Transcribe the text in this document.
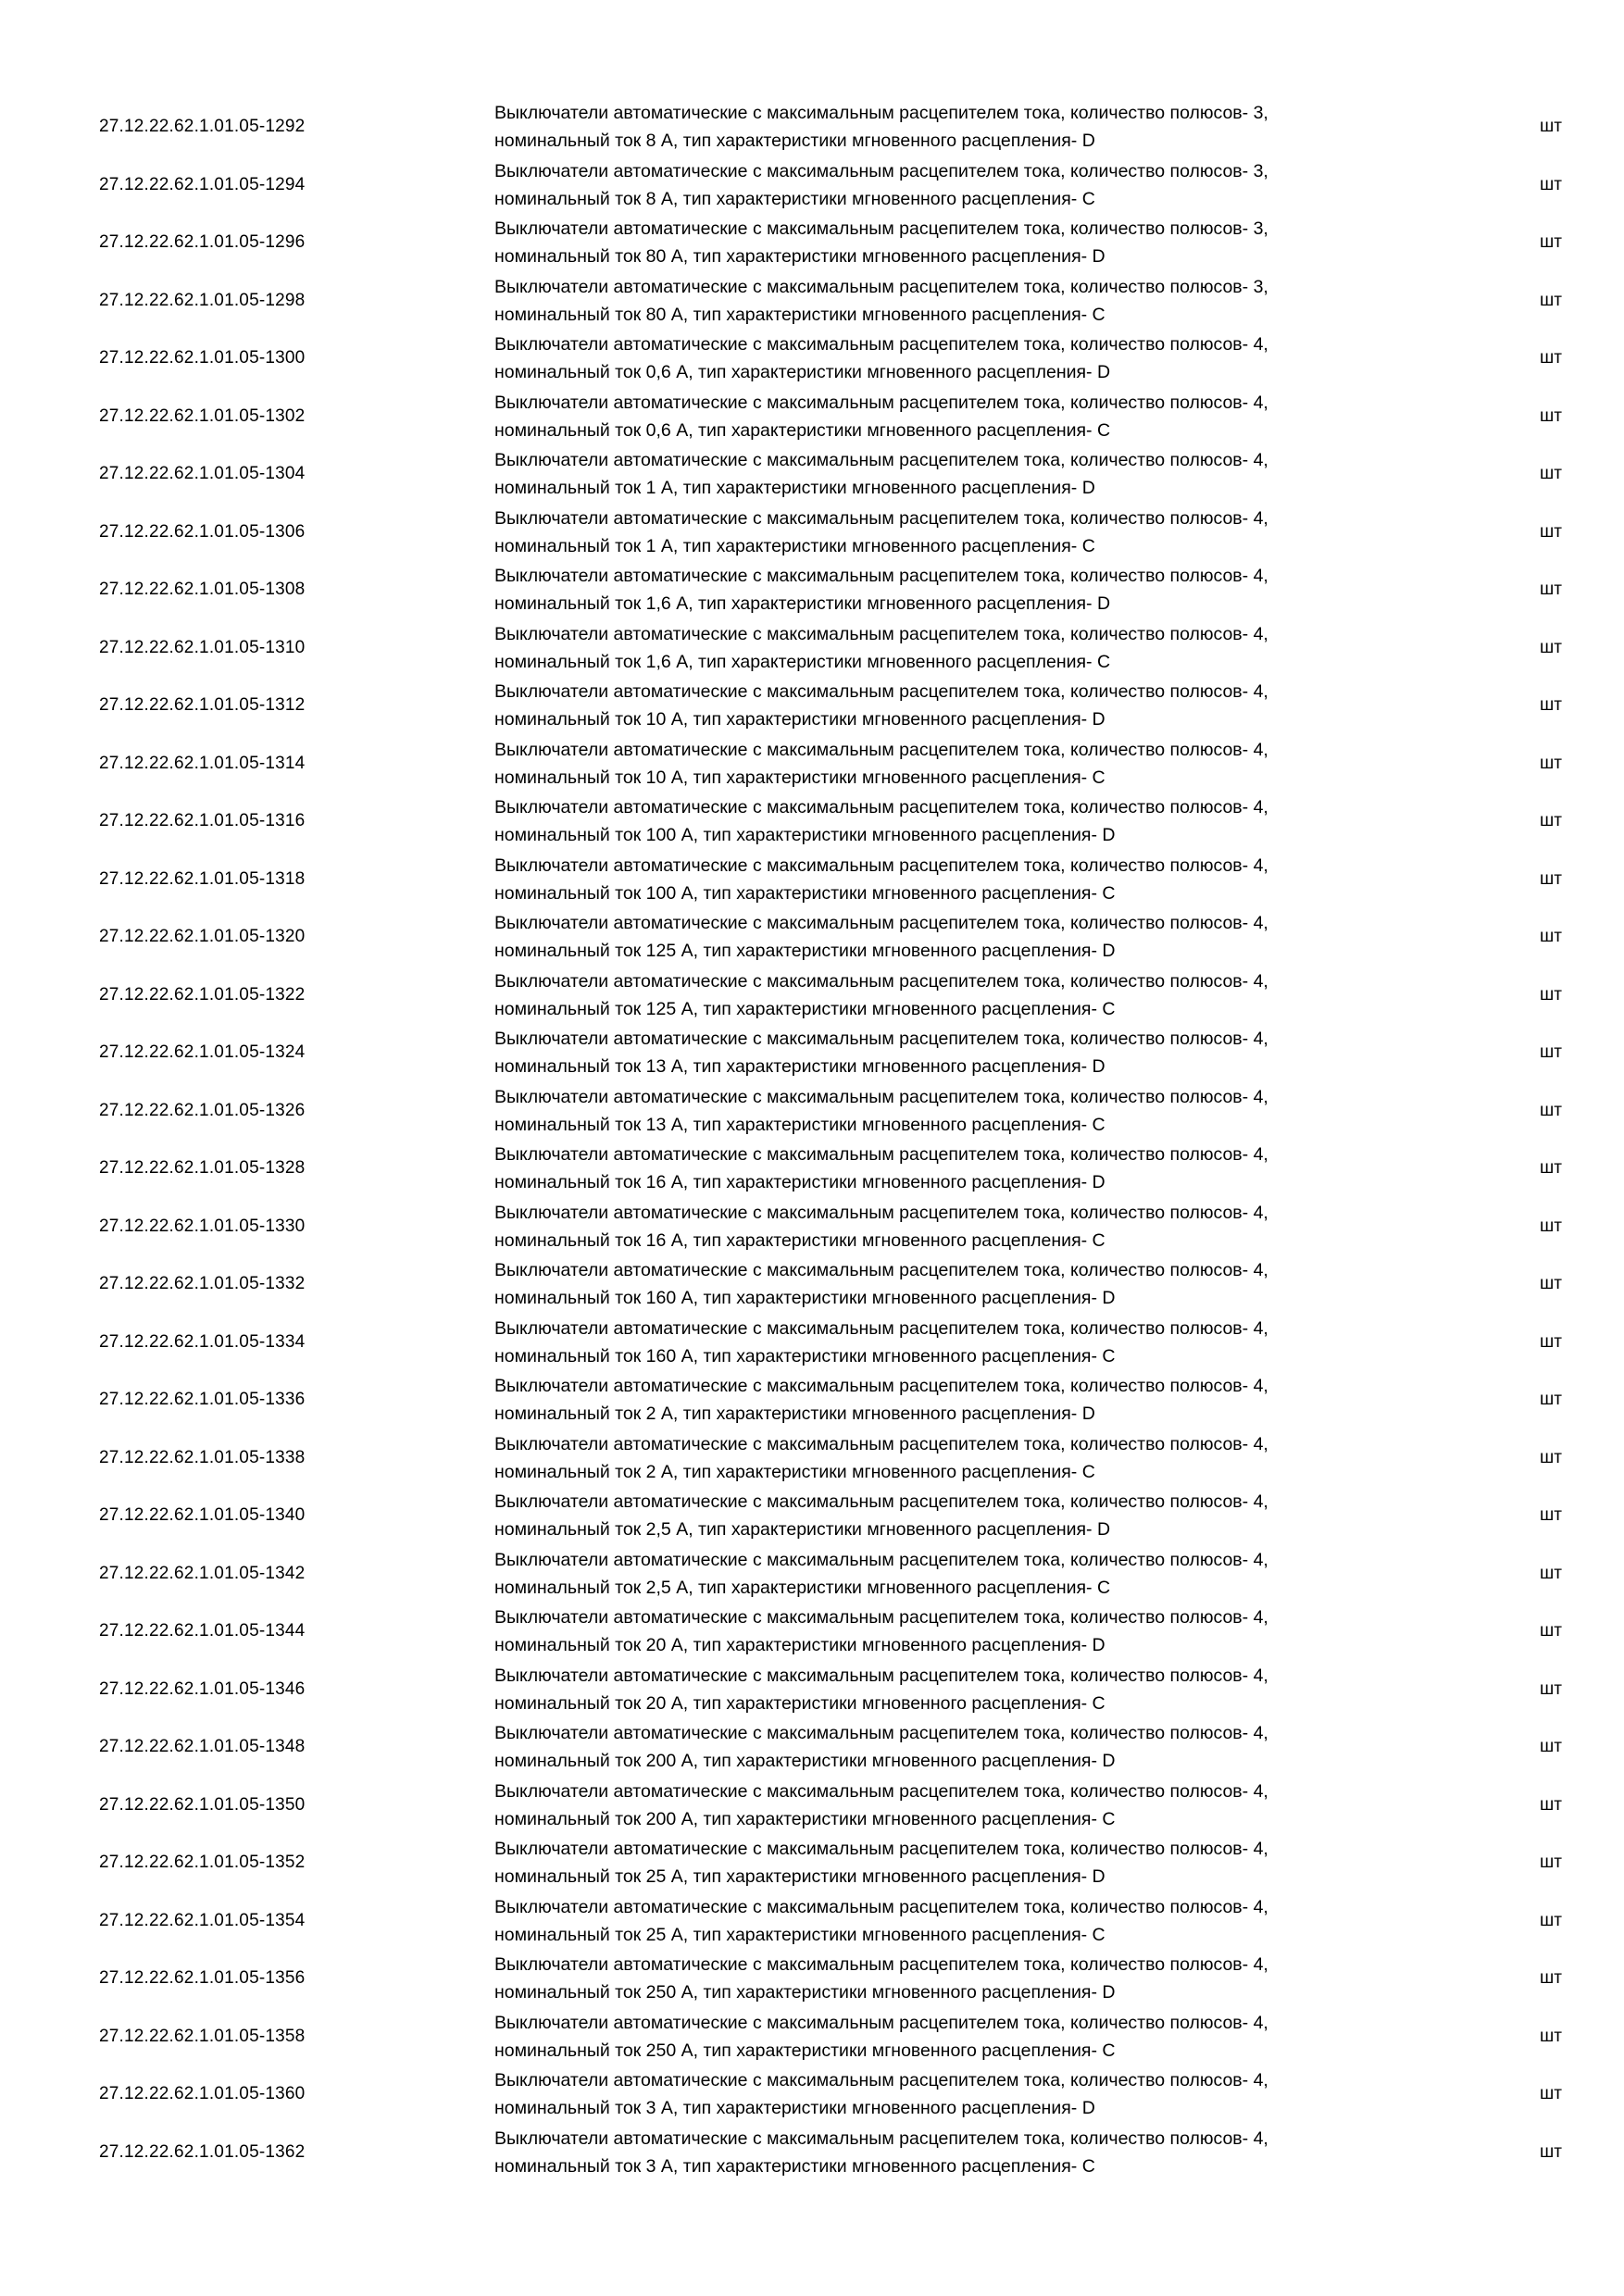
27.12.22.62.1.01.05-1292
Выключатели автоматические с максимальным расцепителем тока, количество полюсов- 3,
номинальный ток 8 А, тип характеристики мгновенного расцепления- D
шт
27.12.22.62.1.01.05-1294
Выключатели автоматические с максимальным расцепителем тока, количество полюсов- 3,
номинальный ток 8 А, тип характеристики мгновенного расцепления- С
шт
27.12.22.62.1.01.05-1296
Выключатели автоматические с максимальным расцепителем тока, количество полюсов- 3,
номинальный ток 80 А, тип характеристики мгновенного расцепления- D
шт
27.12.22.62.1.01.05-1298
Выключатели автоматические с максимальным расцепителем тока, количество полюсов- 3,
номинальный ток 80 А, тип характеристики мгновенного расцепления- С
шт
27.12.22.62.1.01.05-1300
Выключатели автоматические с максимальным расцепителем тока, количество полюсов- 4,
номинальный ток 0,6 А, тип характеристики мгновенного расцепления- D
шт
27.12.22.62.1.01.05-1302
Выключатели автоматические с максимальным расцепителем тока, количество полюсов- 4,
номинальный ток 0,6 А, тип характеристики мгновенного расцепления- С
шт
27.12.22.62.1.01.05-1304
Выключатели автоматические с максимальным расцепителем тока, количество полюсов- 4,
номинальный ток 1 А, тип характеристики мгновенного расцепления- D
шт
27.12.22.62.1.01.05-1306
Выключатели автоматические с максимальным расцепителем тока, количество полюсов- 4,
номинальный ток 1 А, тип характеристики мгновенного расцепления- С
шт
27.12.22.62.1.01.05-1308
Выключатели автоматические с максимальным расцепителем тока, количество полюсов- 4,
номинальный ток 1,6 А, тип характеристики мгновенного расцепления- D
шт
27.12.22.62.1.01.05-1310
Выключатели автоматические с максимальным расцепителем тока, количество полюсов- 4,
номинальный ток 1,6 А, тип характеристики мгновенного расцепления- С
шт
27.12.22.62.1.01.05-1312
Выключатели автоматические с максимальным расцепителем тока, количество полюсов- 4,
номинальный ток 10 А, тип характеристики мгновенного расцепления- D
шт
27.12.22.62.1.01.05-1314
Выключатели автоматические с максимальным расцепителем тока, количество полюсов- 4,
номинальный ток 10 А, тип характеристики мгновенного расцепления- С
шт
27.12.22.62.1.01.05-1316
Выключатели автоматические с максимальным расцепителем тока, количество полюсов- 4,
номинальный ток 100 А, тип характеристики мгновенного расцепления- D
шт
27.12.22.62.1.01.05-1318
Выключатели автоматические с максимальным расцепителем тока, количество полюсов- 4,
номинальный ток 100 А, тип характеристики мгновенного расцепления- С
шт
27.12.22.62.1.01.05-1320
Выключатели автоматические с максимальным расцепителем тока, количество полюсов- 4,
номинальный ток 125 А, тип характеристики мгновенного расцепления- D
шт
27.12.22.62.1.01.05-1322
Выключатели автоматические с максимальным расцепителем тока, количество полюсов- 4,
номинальный ток 125 А, тип характеристики мгновенного расцепления- С
шт
27.12.22.62.1.01.05-1324
Выключатели автоматические с максимальным расцепителем тока, количество полюсов- 4,
номинальный ток 13 А, тип характеристики мгновенного расцепления- D
шт
27.12.22.62.1.01.05-1326
Выключатели автоматические с максимальным расцепителем тока, количество полюсов- 4,
номинальный ток 13 А, тип характеристики мгновенного расцепления- С
шт
27.12.22.62.1.01.05-1328
Выключатели автоматические с максимальным расцепителем тока, количество полюсов- 4,
номинальный ток 16 А, тип характеристики мгновенного расцепления- D
шт
27.12.22.62.1.01.05-1330
Выключатели автоматические с максимальным расцепителем тока, количество полюсов- 4,
номинальный ток 16 А, тип характеристики мгновенного расцепления- С
шт
27.12.22.62.1.01.05-1332
Выключатели автоматические с максимальным расцепителем тока, количество полюсов- 4,
номинальный ток 160 А, тип характеристики мгновенного расцепления- D
шт
27.12.22.62.1.01.05-1334
Выключатели автоматические с максимальным расцепителем тока, количество полюсов- 4,
номинальный ток 160 А, тип характеристики мгновенного расцепления- С
шт
27.12.22.62.1.01.05-1336
Выключатели автоматические с максимальным расцепителем тока, количество полюсов- 4,
номинальный ток 2 А, тип характеристики мгновенного расцепления- D
шт
27.12.22.62.1.01.05-1338
Выключатели автоматические с максимальным расцепителем тока, количество полюсов- 4,
номинальный ток 2 А, тип характеристики мгновенного расцепления- С
шт
27.12.22.62.1.01.05-1340
Выключатели автоматические с максимальным расцепителем тока, количество полюсов- 4,
номинальный ток 2,5 А, тип характеристики мгновенного расцепления- D
шт
27.12.22.62.1.01.05-1342
Выключатели автоматические с максимальным расцепителем тока, количество полюсов- 4,
номинальный ток 2,5 А, тип характеристики мгновенного расцепления- С
шт
27.12.22.62.1.01.05-1344
Выключатели автоматические с максимальным расцепителем тока, количество полюсов- 4,
номинальный ток 20 А, тип характеристики мгновенного расцепления- D
шт
27.12.22.62.1.01.05-1346
Выключатели автоматические с максимальным расцепителем тока, количество полюсов- 4,
номинальный ток 20 А, тип характеристики мгновенного расцепления- С
шт
27.12.22.62.1.01.05-1348
Выключатели автоматические с максимальным расцепителем тока, количество полюсов- 4,
номинальный ток 200 А, тип характеристики мгновенного расцепления- D
шт
27.12.22.62.1.01.05-1350
Выключатели автоматические с максимальным расцепителем тока, количество полюсов- 4,
номинальный ток 200 А, тип характеристики мгновенного расцепления- С
шт
27.12.22.62.1.01.05-1352
Выключатели автоматические с максимальным расцепителем тока, количество полюсов- 4,
номинальный ток 25 А, тип характеристики мгновенного расцепления- D
шт
27.12.22.62.1.01.05-1354
Выключатели автоматические с максимальным расцепителем тока, количество полюсов- 4,
номинальный ток 25 А, тип характеристики мгновенного расцепления- С
шт
27.12.22.62.1.01.05-1356
Выключатели автоматические с максимальным расцепителем тока, количество полюсов- 4,
номинальный ток 250 А, тип характеристики мгновенного расцепления- D
шт
27.12.22.62.1.01.05-1358
Выключатели автоматические с максимальным расцепителем тока, количество полюсов- 4,
номинальный ток 250 А, тип характеристики мгновенного расцепления- С
шт
27.12.22.62.1.01.05-1360
Выключатели автоматические с максимальным расцепителем тока, количество полюсов- 4,
номинальный ток 3 А, тип характеристики мгновенного расцепления- D
шт
27.12.22.62.1.01.05-1362
Выключатели автоматические с максимальным расцепителем тока, количество полюсов- 4,
номинальный ток 3 А, тип характеристики мгновенного расцепления- С
шт
